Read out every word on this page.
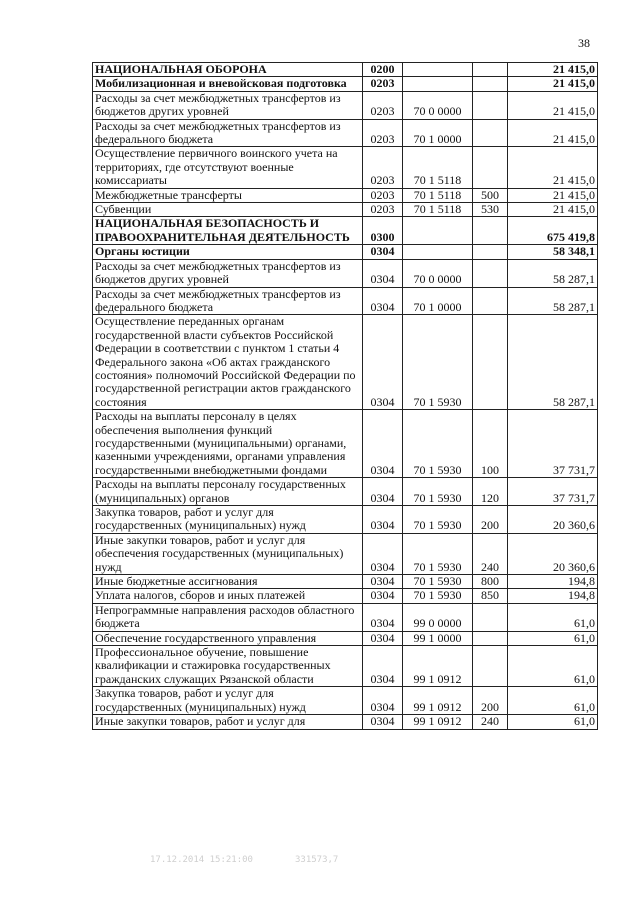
38
НАЦИОНАЛЬНАЯ ОБОРОНА	0200			21 415,0
Мобилизационная и вневойсковая подготовка	0203			21 415,0
Расходы за счет межбюджетных трансфертов из бюджетов других уровней	0203	70 0 0000		21 415,0
Расходы за счет межбюджетных трансфертов из федерального бюджета	0203	70 1 0000		21 415,0
Осуществление первичного воинского учета на территориях, где отсутствуют военные комиссариаты	0203	70 1 5118		21 415,0
Межбюджетные трансферты	0203	70 1 5118	500	21 415,0
Субвенции	0203	70 1 5118	530	21 415,0
НАЦИОНАЛЬНАЯ БЕЗОПАСНОСТЬ И ПРАВООХРАНИТЕЛЬНАЯ ДЕЯТЕЛЬНОСТЬ	0300			675 419,8
Органы юстиции	0304			58 348,1
Расходы за счет межбюджетных трансфертов из бюджетов других уровней	0304	70 0 0000		58 287,1
Расходы за счет межбюджетных трансфертов из федерального бюджета	0304	70 1 0000		58 287,1
Осуществление переданных органам государственной власти субъектов Российской Федерации в соответствии с пунктом 1 статьи 4 Федерального закона «Об актах гражданского состояния» полномочий Российской Федерации по государственной регистрации актов гражданского состояния	0304	70 1 5930		58 287,1
Расходы на выплаты персоналу в целях обеспечения выполнения функций государственными (муниципальными) органами, казенными учреждениями, органами управления государственными внебюджетными фондами	0304	70 1 5930	100	37 731,7
Расходы на выплаты персоналу государственных (муниципальных) органов	0304	70 1 5930	120	37 731,7
Закупка товаров, работ и услуг для государственных (муниципальных) нужд	0304	70 1 5930	200	20 360,6
Иные закупки товаров, работ и услуг для обеспечения государственных (муниципальных) нужд	0304	70 1 5930	240	20 360,6
Иные бюджетные ассигнования	0304	70 1 5930	800	194,8
Уплата налогов, сборов и иных платежей	0304	70 1 5930	850	194,8
Непрограммные направления расходов областного бюджета	0304	99 0 0000		61,0
Обеспечение государственного управления	0304	99 1 0000		61,0
Профессиональное обучение, повышение квалификации и стажировка государственных гражданских служащих Рязанской области	0304	99 1 0912		61,0
Закупка товаров, работ и услуг для государственных (муниципальных) нужд	0304	99 1 0912	200	61,0
Иные закупки товаров, работ и услуг для	0304	99 1 0912	240	61,0
17.12.2014 15:21:00	331573,7
